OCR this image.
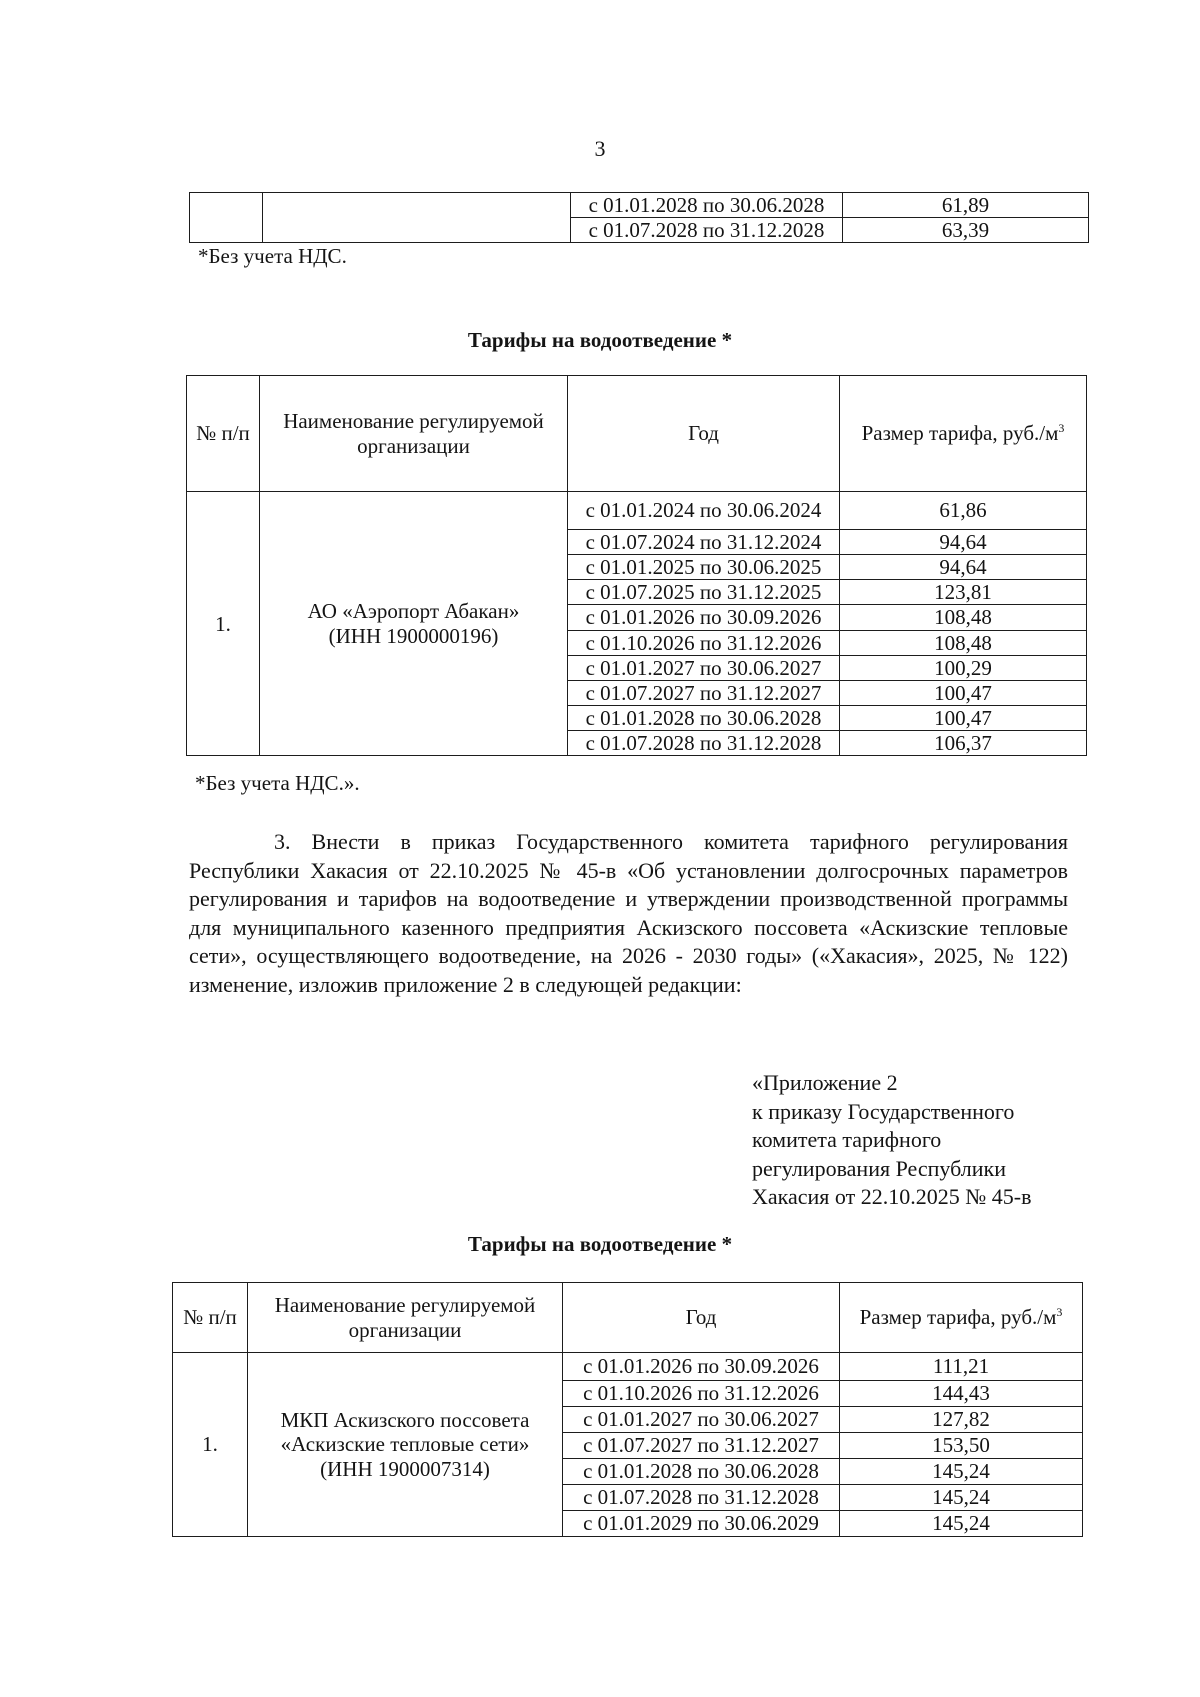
3
		с 01.01.2028 по 30.06.2028	61,89
		с 01.07.2028 по 31.12.2028	63,39
*Без учета НДС.
Тарифы на водоотведение *
№ п/п	Наименование регулируемой организации	Год	Размер тарифа, $руб./м^3$
1.	АО «Аэропорт Абакан» (ИНН 1900000196)	с 01.01.2024 по 30.06.2024	61,86
		с 01.07.2024 по 31.12.2024	94,64
		с 01.01.2025 по 30.06.2025	94,64
		с 01.07.2025 по 31.12.2025	123,81
		с 01.01.2026 по 30.09.2026	108,48
		с 01.10.2026 по 31.12.2026	108,48
		с 01.01.2027 по 30.06.2027	100,29
		с 01.07.2027 по 31.12.2027	100,47
		с 01.01.2028 по 30.06.2028	100,47
		с 01.07.2028 по 31.12.2028	106,37
*Без учета НДС.».

3. Внести в приказ Государственного комитета тарифного регулирования Республики Хакасия от 22.10.2025 № 45-в «Об установлении долгосрочных параметров регулирования и тарифов на водоотведение и утверждении производственной программы для муниципального казенного предприятия Аскизского поссовета «Аскизские тепловые сети», осуществляющего водоотведение, на 2026 - 2030 годы» («Хакасия», 2025, № 122) изменение, изложив приложение 2 в следующей редакции:

«Приложение 2
к приказу Государственного
комитета тарифного
регулирования Республики
Хакасия от 22.10.2025 № 45-в
Тарифы на водоотведение *
№ п/п	Наименование регулируемой организации	Год	Размер тарифа, $руб./м^3$
1.	МКП Аскизского поссовета «Аскизские тепловые сети» (ИНН 1900007314)	с 01.01.2026 по 30.09.2026	111,21
		с 01.10.2026 по 31.12.2026	144,43
		с 01.01.2027 по 30.06.2027	127,82
		с 01.07.2027 по 31.12.2027	153,50
		с 01.01.2028 по 30.06.2028	145,24
		с 01.07.2028 по 31.12.2028	145,24
		с 01.01.2029 по 30.06.2029	145,24
